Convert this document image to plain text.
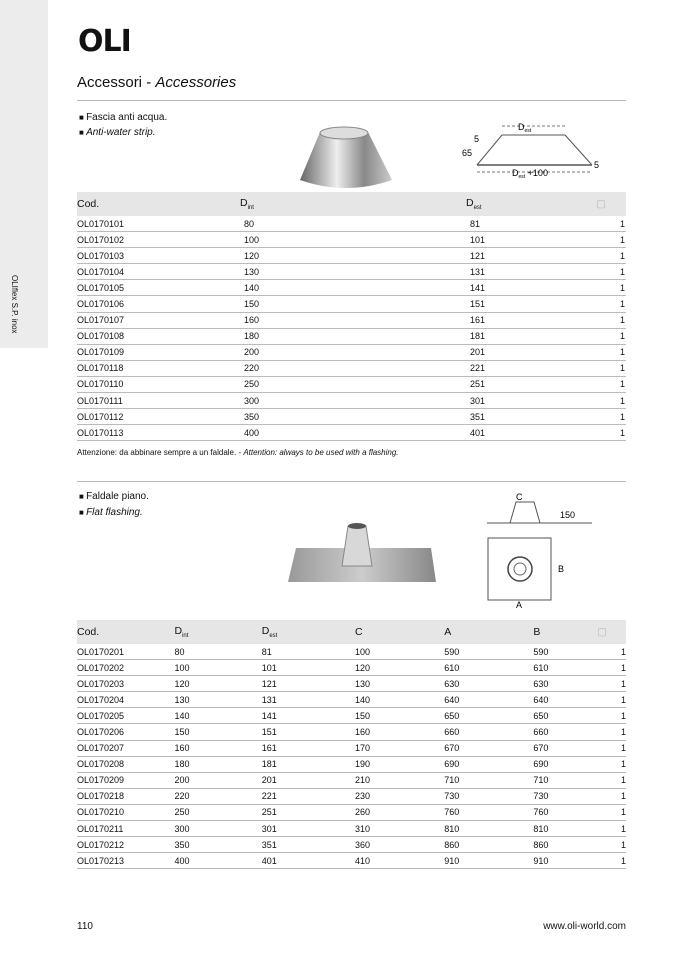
OLIflex S.P. inox
OLI
Accessori - Accessories
■ Fascia anti acqua.
■ Anti-water strip.	$D_{est}$
5
65
5
$D_{est} +100$
Cod.	$D_{int}$	$D_{est}$	▢
OL0170101	80	81	1
OL0170102	100	101	1
OL0170103	120	121	1
OL0170104	130	131	1
OL0170105	140	141	1
OL0170106	150	151	1
OL0170107	160	161	1
OL0170108	180	181	1
OL0170109	200	201	1
OL0170118	220	221	1
OL0170110	250	251	1
OL0170111	300	301	1
OL0170112	350	351	1
OL0170113	400	401	1
Attenzione: da abbinare sempre a un faldale. - Attention: always to be used with a flashing.
■ Faldale piano.
■ Flat flashing.
C
150
B
A
Cod.	$D_{int}$	$D_{est}$	C	A	B	▢
OL0170201	80	81	100	590	590	1
OL0170202	100	101	120	610	610	1
OL0170203	120	121	130	630	630	1
OL0170204	130	131	140	640	640	1
OL0170205	140	141	150	650	650	1
OL0170206	150	151	160	660	660	1
OL0170207	160	161	170	670	670	1
OL0170208	180	181	190	690	690	1
OL0170209	200	201	210	710	710	1
OL0170218	220	221	230	730	730	1
OL0170210	250	251	260	760	760	1
OL0170211	300	301	310	810	810	1
OL0170212	350	351	360	860	860	1
OL0170213	400	401	410	910	910	1
110	www.oli-world.com
